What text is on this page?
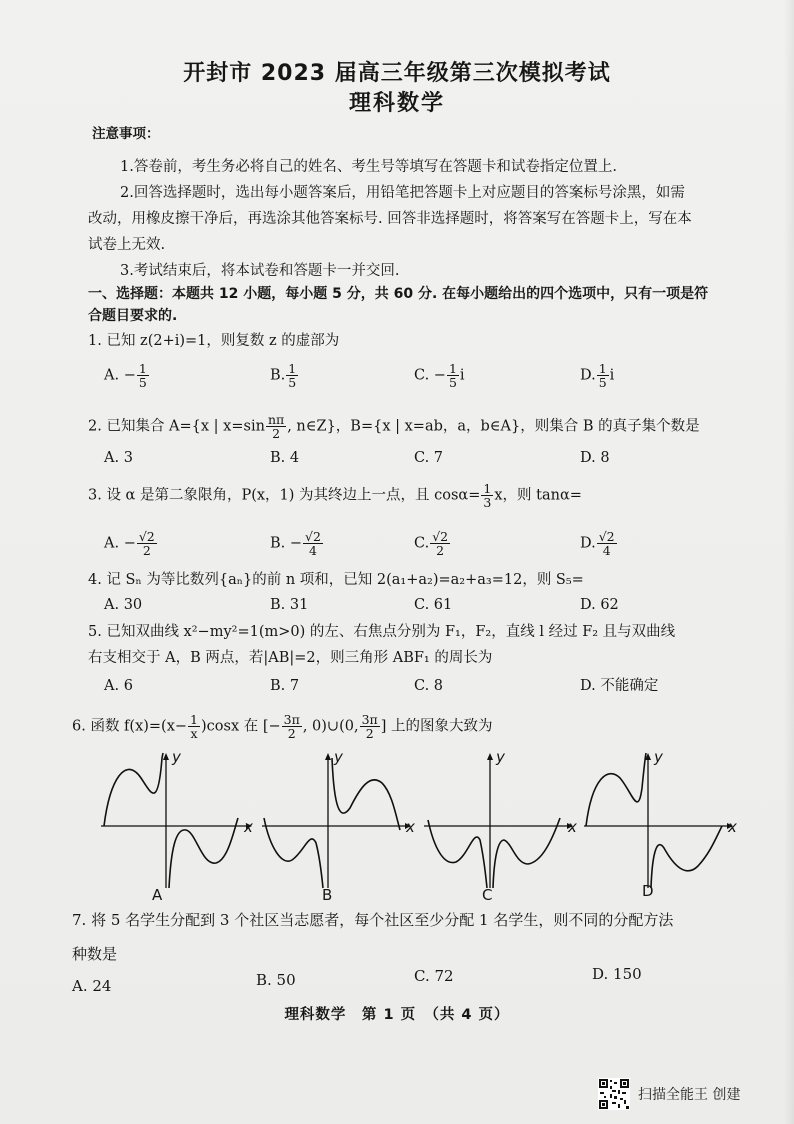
开封市 2023 届高三年级第三次模拟考试
理科数学
注意事项：
1.答卷前，考生务必将自己的姓名、考生号等填写在答题卡和试卷指定位置上.
2.回答选择题时，选出每小题答案后，用铅笔把答题卡上对应题目的答案标号涂黑，如需
改动，用橡皮擦干净后，再选涂其他答案标号. 回答非选择题时，将答案写在答题卡上，写在本
试卷上无效.
3.考试结束后，将本试卷和答题卡一并交回.
一、选择题：本题共 12 小题，每小题 5 分，共 60 分. 在每小题给出的四个选项中，只有一项是符
合题目要求的.
1. 已知 z(2+i)=1，则复数 z 的虚部为
A. − $\frac{1}{5}$	B. $\frac{1}{5}$	C. − $\frac{1}{5}$ i	D. $\frac{1}{5}$ i
2. 已知集合 A={x | $x=\sin \frac{n\pi}{2}$ , n∈Z}，B={x | x=ab，a，b∈A}，则集合 B 的真子集个数是
A. 3	B. 4	C. 7	D. 8
3. 设 α 是第二象限角，P(x，1) 为其终边上一点，且 $\cos\alpha= \frac{1}{3}$ x，则 tanα=
A. − $\frac{√2}{2}$	B. − $\frac{√2}{4}$	C. $\frac{√2}{2}$	D. $\frac{√2}{4}$
4. 记 Sₙ 为等比数列{aₙ}的前 n 项和，已知 2(a₁+a₂)=a₂+a₃=12，则 S₅=
A. 30	B. 31	C. 61	D. 62
5. 已知双曲线 x²−my²=1(m>0) 的左、右焦点分别为 F₁，F₂，直线 l 经过 F₂ 且与双曲线
右支相交于 A，B 两点，若|AB|=2，则三角形 ABF₁ 的周长为
A. 6	B. 7	C. 8	D. 不能确定
6. 函数 $f(x)=(x- \frac{1}{x} )\cos x$ 在 [− $\frac{3\pi}{2}$ , 0)∪(0, $\frac{3\pi}{2}$ ] 上的图象大致为
x
y
A
x
y
B
x
y
C
x
y
D
7. 将 5 名学生分配到 3 个社区当志愿者，每个社区至少分配 1 名学生，则不同的分配方法
种数是
A. 24	B. 50	C. 72	D. 150
理科数学　第 1 页　（共 4 页）
扫描全能王 创建
